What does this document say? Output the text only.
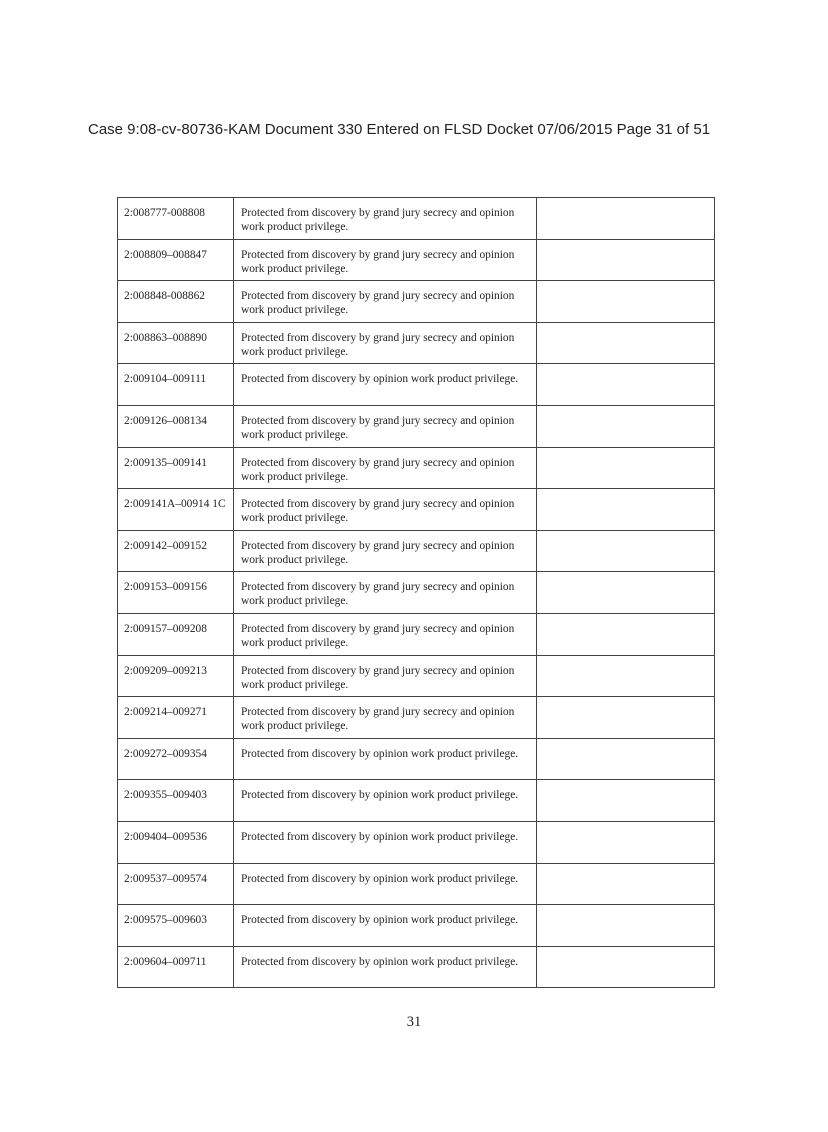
Case 9:08-cv-80736-KAM Document 330 Entered on FLSD Docket 07/06/2015 Page 31 of 51
2:008777-008808	Protected from discovery by grand jury secrecy and opinion work product privilege.	

2:008809–008847	Protected from discovery by grand jury secrecy and opinion work product privilege.	

2:008848-008862	Protected from discovery by grand jury secrecy and opinion work product privilege.	

2:008863–008890	Protected from discovery by grand jury secrecy and opinion work product privilege.	

2:009104–009111	Protected from discovery by opinion work product privilege.	

2:009126–008134	Protected from discovery by grand jury secrecy and opinion work product privilege.	

2:009135–009141	Protected from discovery by grand jury secrecy and opinion work product privilege.	

2:009141A–00914 1C	Protected from discovery by grand jury secrecy and opinion work product privilege.	

2:009142–009152	Protected from discovery by grand jury secrecy and opinion work product privilege.	

2:009153–009156	Protected from discovery by grand jury secrecy and opinion work product privilege.	

2:009157–009208	Protected from discovery by grand jury secrecy and opinion work product privilege.	

2:009209–009213	Protected from discovery by grand jury secrecy and opinion work product privilege.	

2:009214–009271	Protected from discovery by grand jury secrecy and opinion work product privilege.	

2:009272–009354	Protected from discovery by opinion work product privilege.	

2:009355–009403	Protected from discovery by opinion work product privilege.	

2:009404–009536	Protected from discovery by opinion work product privilege.	

2:009537–009574	Protected from discovery by opinion work product privilege.	

2:009575–009603	Protected from discovery by opinion work product privilege.	

2:009604–009711	Protected from discovery by opinion work product privilege.	

31
